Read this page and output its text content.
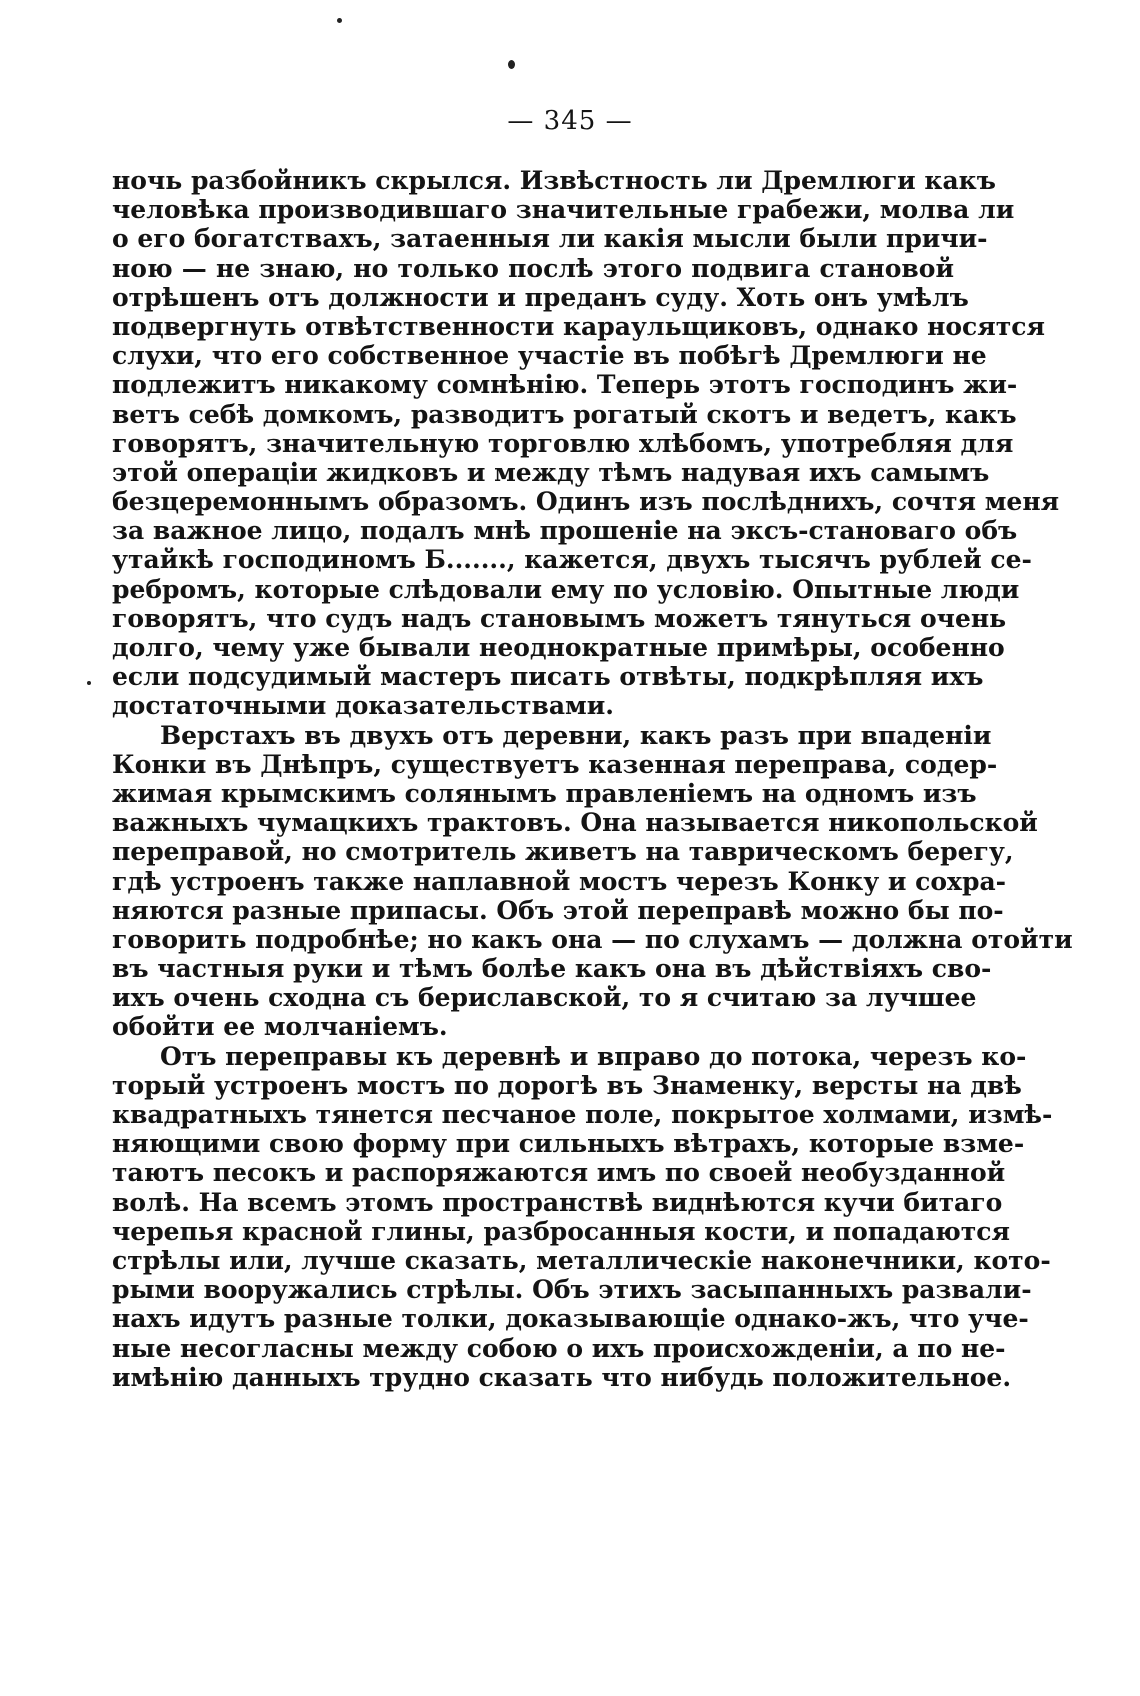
— 345 —
ночь разбойникъ скрылся. Извѣстность ли Дремлюги какъ
человѣка производившаго значительные грабежи, молва ли
о его богатствахъ, затаенныя ли какія мысли были причи-
ною — не знаю, но только послѣ этого подвига становой
отрѣшенъ отъ должности и преданъ суду. Хоть онъ умѣлъ
подвергнуть отвѣтственности караульщиковъ, однако носятся
слухи, что его собственное участіе въ побѣгѣ Дремлюги не
подлежитъ никакому сомнѣнію. Теперь этотъ господинъ жи-
ветъ себѣ домкомъ, разводитъ рогатый скотъ и ведетъ, какъ
говорятъ, значительную торговлю хлѣбомъ, употребляя для
этой операціи жидковъ и между тѣмъ надувая ихъ самымъ
безцеремоннымъ образомъ. Одинъ изъ послѣднихъ, сочтя меня
за важное лицо, подалъ мнѣ прошеніе на эксъ-становаго объ
утайкѣ господиномъ Б......., кажется, двухъ тысячъ рублей се-
ребромъ, которые слѣдовали ему по условію. Опытные люди
говорятъ, что судъ надъ становымъ можетъ тянуться очень
долго, чему уже бывали неоднократные примѣры, особенно
если подсудимый мастеръ писать отвѣты, подкрѣпляя ихъ
достаточными доказательствами.
Верстахъ въ двухъ отъ деревни, какъ разъ при впаденіи
Конки въ Днѣпръ, существуетъ казенная переправа, содер-
жимая крымскимъ солянымъ правленіемъ на одномъ изъ
важныхъ чумацкихъ трактовъ. Она называется никопольской
переправой, но смотритель живетъ на таврическомъ берегу,
гдѣ устроенъ также наплавной мостъ черезъ Конку и сохра-
няются разные припасы. Объ этой переправѣ можно бы по-
говорить подробнѣе; но какъ она — по слухамъ — должна отойти
въ частныя руки и тѣмъ болѣе какъ она въ дѣйствіяхъ сво-
ихъ очень сходна съ бериславской, то я считаю за лучшее
обойти ее молчаніемъ.
Отъ переправы къ деревнѣ и вправо до потока, черезъ ко-
торый устроенъ мостъ по дорогѣ въ Знаменку, версты на двѣ
квадратныхъ тянется песчаное поле, покрытое холмами, измѣ-
няющими свою форму при сильныхъ вѣтрахъ, которые взме-
таютъ песокъ и распоряжаются имъ по своей необузданной
волѣ. На всемъ этомъ пространствѣ виднѣются кучи битаго
черепья красной глины, разбросанныя кости, и попадаются
стрѣлы или, лучше сказать, металлическіе наконечники, кото-
рыми вооружались стрѣлы. Объ этихъ засыпанныхъ развали-
нахъ идутъ разные толки, доказывающіе однако-жъ, что уче-
ные несогласны между собою о ихъ происхожденіи, а по не-
имѣнію данныхъ трудно сказать что нибудь положительное.
